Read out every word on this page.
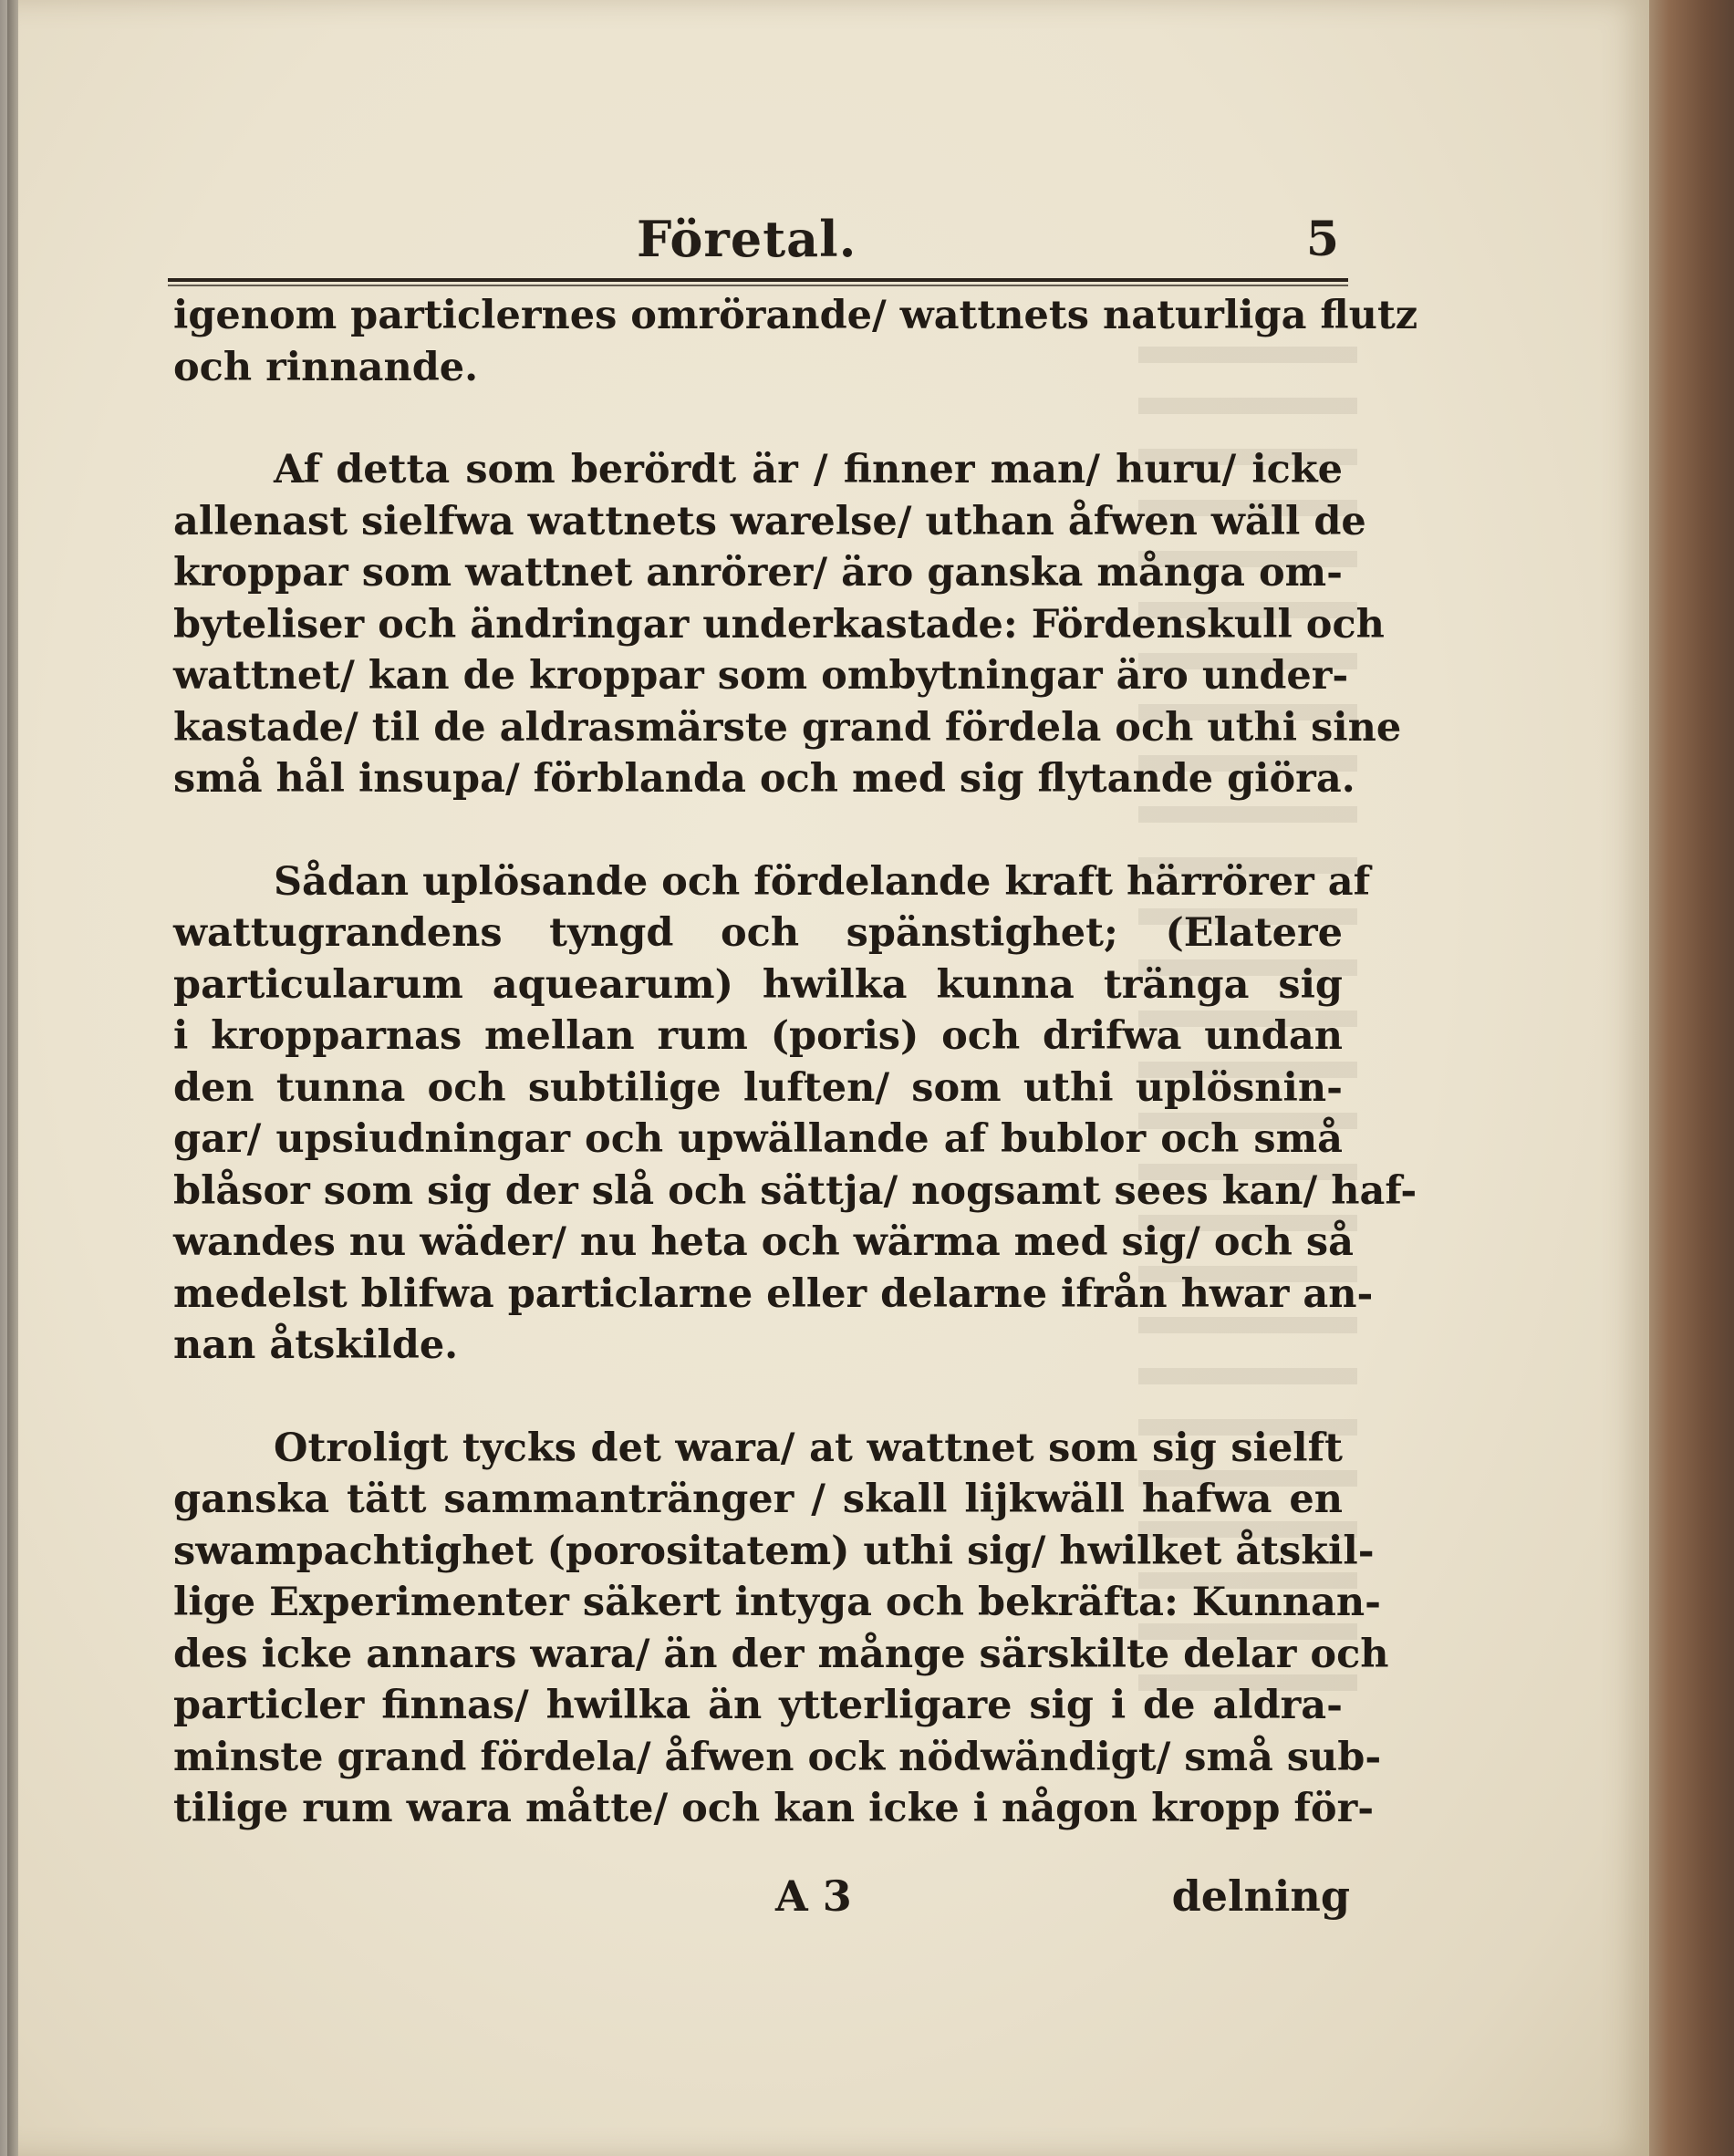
Företal.	5
igenom particlernes omrörande/ wattnets naturliga flutz
och rinnande.
Af detta som berördt är / finner man/ huru/ icke
allenast sielfwa wattnets warelse/ uthan åfwen wäll de
kroppar som wattnet anrörer/ äro ganska många om-
byteliser och ändringar underkastade: Fördenskull och
wattnet/ kan de kroppar som ombytningar äro under-
kastade/ til de aldrasmärste grand fördela och uthi sine
små hål insupa/ förblanda och med sig flytande giöra.
Sådan uplösande och fördelande kraft härrörer af
wattugrandens tyngd och spänstighet; (Elatere
particularum aquearum) hwilka kunna tränga sig
i kropparnas mellan rum (poris) och drifwa undan
den tunna och subtilige luften/ som uthi uplösnin-
gar/ upsiudningar och upwällande af bublor och små
blåsor som sig der slå och sättja/ nogsamt sees kan/ haf-
wandes nu wäder/ nu heta och wärma med sig/ och så
medelst blifwa particlarne eller delarne ifrån hwar an-
nan åtskilde.
Otroligt tycks det wara/ at wattnet som sig sielft
ganska tätt sammantränger / skall lijkwäll hafwa en
swampachtighet (porositatem) uthi sig/ hwilket åtskil-
lige Experimenter säkert intyga och bekräfta: Kunnan-
des icke annars wara/ än der månge särskilte delar och
particler finnas/ hwilka än ytterligare sig i de aldra-
minste grand fördela/ åfwen ock nödwändigt/ små sub-
tilige rum wara måtte/ och kan icke i någon kropp för-
A 3	delning
